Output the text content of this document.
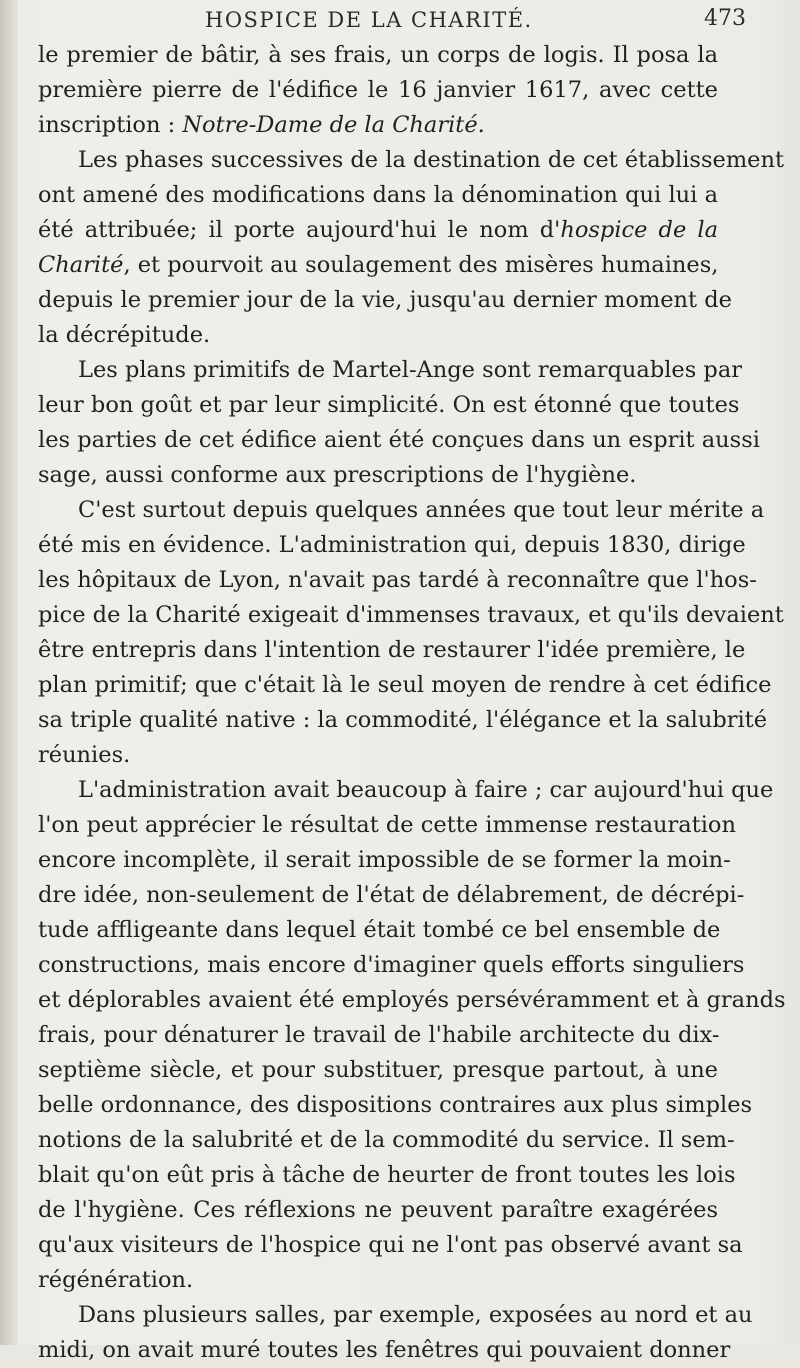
HOSPICE DE LA CHARITÉ.	473
le premier de bâtir, à ses frais, un corps de logis. Il posa la
première pierre de l'édifice le 16 janvier 1617, avec cette
inscription : Notre-Dame de la Charité.
Les phases successives de la destination de cet établissement
ont amené des modifications dans la dénomination qui lui a
été attribuée; il porte aujourd'hui le nom d'hospice de la
Charité, et pourvoit au soulagement des misères humaines,
depuis le premier jour de la vie, jusqu'au dernier moment de
la décrépitude.
Les plans primitifs de Martel-Ange sont remarquables par
leur bon goût et par leur simplicité. On est étonné que toutes
les parties de cet édifice aient été conçues dans un esprit aussi
sage, aussi conforme aux prescriptions de l'hygiène.
C'est surtout depuis quelques années que tout leur mérite a
été mis en évidence. L'administration qui, depuis 1830, dirige
les hôpitaux de Lyon, n'avait pas tardé à reconnaître que l'hos-
pice de la Charité exigeait d'immenses travaux, et qu'ils devaient
être entrepris dans l'intention de restaurer l'idée première, le
plan primitif; que c'était là le seul moyen de rendre à cet édifice
sa triple qualité native : la commodité, l'élégance et la salubrité
réunies.
L'administration avait beaucoup à faire ; car aujourd'hui que
l'on peut apprécier le résultat de cette immense restauration
encore incomplète, il serait impossible de se former la moin-
dre idée, non-seulement de l'état de délabrement, de décrépi-
tude affligeante dans lequel était tombé ce bel ensemble de
constructions, mais encore d'imaginer quels efforts singuliers
et déplorables avaient été employés persévéramment et à grands
frais, pour dénaturer le travail de l'habile architecte du dix-
septième siècle, et pour substituer, presque partout, à une
belle ordonnance, des dispositions contraires aux plus simples
notions de la salubrité et de la commodité du service. Il sem-
blait qu'on eût pris à tâche de heurter de front toutes les lois
de l'hygiène. Ces réflexions ne peuvent paraître exagérées
qu'aux visiteurs de l'hospice qui ne l'ont pas observé avant sa
régénération.
Dans plusieurs salles, par exemple, exposées au nord et au
midi, on avait muré toutes les fenêtres qui pouvaient donner
